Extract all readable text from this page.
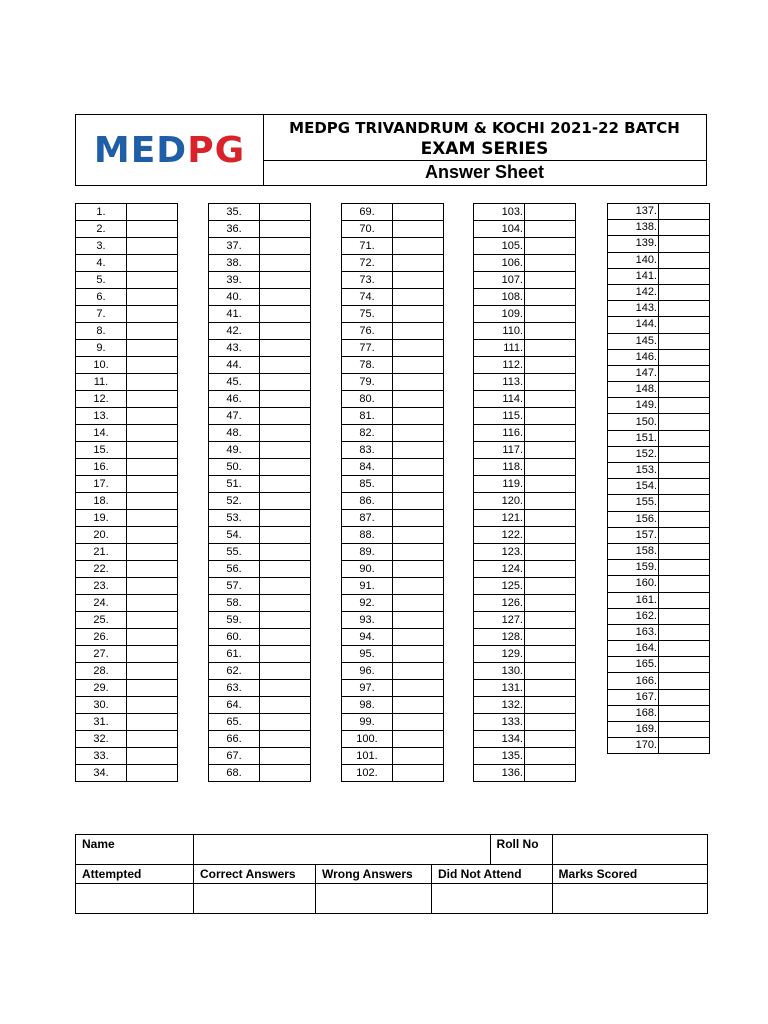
MEDPG
MEDPG TRIVANDRUM & KOCHI 2021-22 BATCH
EXAM SERIES
Answer Sheet
1.	
2.	
3.	
4.	
5.	
6.	
7.	
8.	
9.	
10.	
11.	
12.	
13.	
14.	
15.	
16.	
17.	
18.	
19.	
20.	
21.	
22.	
23.	
24.	
25.	
26.	
27.	
28.	
29.	
30.	
31.	
32.	
33.	
34.	
35.	
36.	
37.	
38.	
39.	
40.	
41.	
42.	
43.	
44.	
45.	
46.	
47.	
48.	
49.	
50.	
51.	
52.	
53.	
54.	
55.	
56.	
57.	
58.	
59.	
60.	
61.	
62.	
63.	
64.	
65.	
66.	
67.	
68.	
69.	
70.	
71.	
72.	
73.	
74.	
75.	
76.	
77.	
78.	
79.	
80.	
81.	
82.	
83.	
84.	
85.	
86.	
87.	
88.	
89.	
90.	
91.	
92.	
93.	
94.	
95.	
96.	
97.	
98.	
99.	
100.	
101.	
102.	
103.	
104.	
105.	
106.	
107.	
108.	
109.	
110.	
111.	
112.	
113.	
114.	
115.	
116.	
117.	
118.	
119.	
120.	
121.	
122.	
123.	
124.	
125.	
126.	
127.	
128.	
129.	
130.	
131.	
132.	
133.	
134.	
135.	
136.	
137.	
138.	
139.	
140.	
141.	
142.	
143.	
144.	
145.	
146.	
147.	
148.	
149.	
150.	
151.	
152.	
153.	
154.	
155.	
156.	
157.	
158.	
159.	
160.	
161.	
162.	
163.	
164.	
165.	
166.	
167.	
168.	
169.	
170.	
Name				Roll No	
Attempted	Correct Answers	Wrong Answers	Did Not Attend		Marks Scored
